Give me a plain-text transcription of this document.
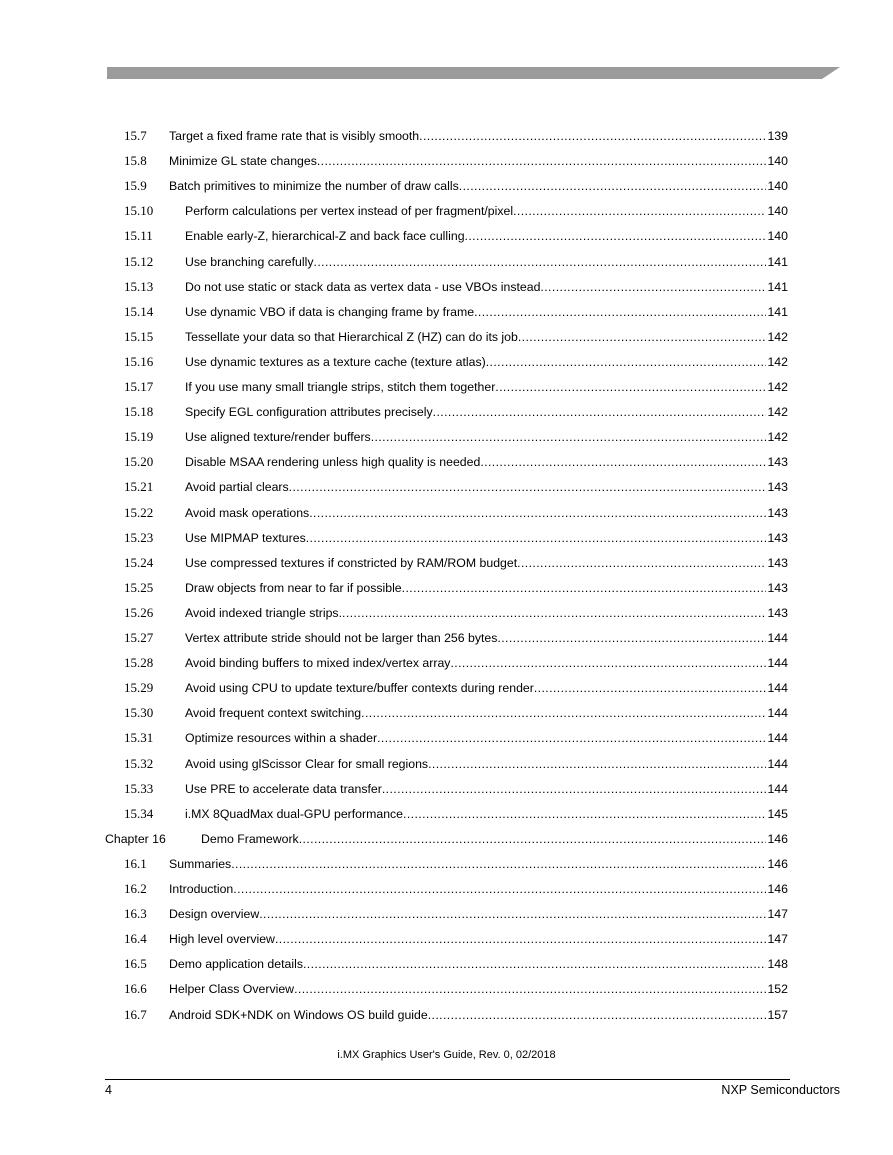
15.7 Target a fixed frame rate that is visibly smooth .....	139
15.8 Minimize GL state changes .....	140
15.9 Batch primitives to minimize the number of draw calls .....	140
15.10	Perform calculations per vertex instead of per fragment/pixel .....	140
15.11	Enable early-Z, hierarchical-Z and back face culling .....	140
15.12	Use branching carefully .....	141
15.13	Do not use static or stack data as vertex data - use VBOs instead .....	141
15.14	Use dynamic VBO if data is changing frame by frame .....	141
15.15	Tessellate your data so that Hierarchical Z (HZ) can do its job .....	142
15.16	Use dynamic textures as a texture cache (texture atlas) .....	142
15.17	If you use many small triangle strips, stitch them together .....	142
15.18	Specify EGL configuration attributes precisely .....	142
15.19	Use aligned texture/render buffers .....	142
15.20	Disable MSAA rendering unless high quality is needed .....	143
15.21	Avoid partial clears .....	143
15.22	Avoid mask operations .....	143
15.23	Use MIPMAP textures .....	143
15.24	Use compressed textures if constricted by RAM/ROM budget .....	143
15.25	Draw objects from near to far if possible .....	143
15.26	Avoid indexed triangle strips. .....	143
15.27	Vertex attribute stride should not be larger than 256 bytes .....	144
15.28	Avoid binding buffers to mixed index/vertex array .....	144
15.29	Avoid using CPU to update texture/buffer contexts during render .....	144
15.30	Avoid frequent context switching .....	144
15.31	Optimize resources within a shader .....	144
15.32	Avoid using glScissor Clear for small regions .....	144
15.33	Use PRE to accelerate data transfer .....	144
15.34	i.MX 8QuadMax dual-GPU performance .....	145
Chapter 16	Demo Framework .....	146
16.1 Summaries .....	146
16.2 Introduction .....	146
16.3 Design overview .....	147
16.4 High level overview .....	147
16.5 Demo application details .....	148
16.6 Helper Class Overview .....	152
16.7 Android SDK+NDK on Windows OS build guide .....	157
i.MX Graphics User's Guide, Rev. 0, 02/2018
4	NXP Semiconductors
